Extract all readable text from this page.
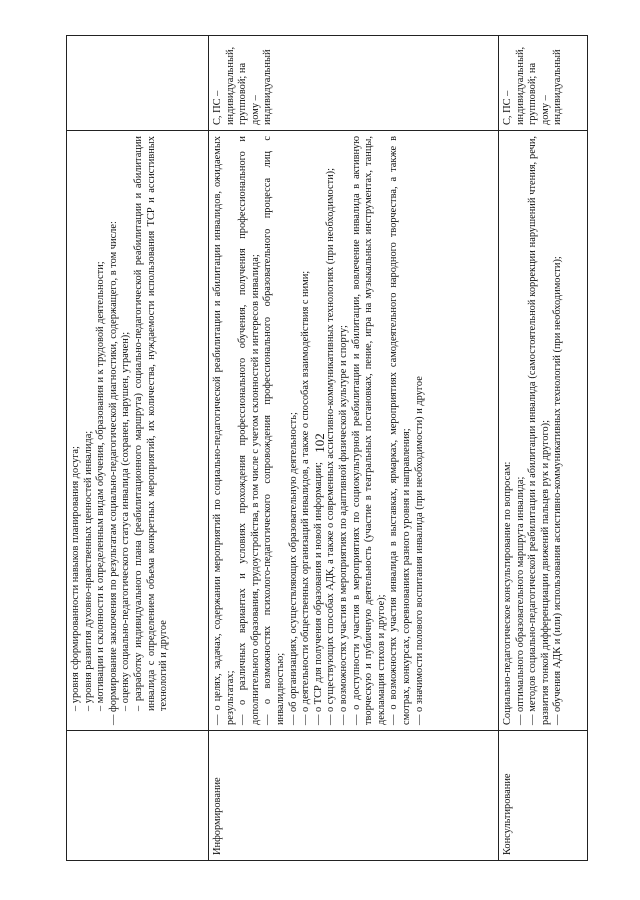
102
– уровня сформированности навыков планирования досуга; – уровня развития духовно-нравственных ценностей инвалида; – мотивации и склонности к определенным видам обучения, образования и к трудовой деятельности; — формирование заключения по результатам социально-педагогической диагностики, содержащего, в том числе: – оценку социально-педагогического статуса инвалида (сохранен, нарушен, утрачен); – разработку индивидуального плана (реабилитационного маршрута) социально-педагогической реабилитации и абилитации инвалида с определением объема конкретных мероприятий, их количества, нуждаемости использования ТСР и ассистивных технологий и другое
Информирование
— о целях, задачах, содержании мероприятий по социально-педагогической реабилитации и абилитации инвалидов, ожидаемых результатах; — о различных вариантах и условиях прохождения профессионального обучения, получения профессионального и дополнительного образования, трудоустройства, в том числе с учетом склонностей и интересов инвалида; — о возможностях психолого-педагогического сопровождения профессионального образовательного процесса лиц с инвалидностью; — об организациях, осуществляющих образовательную деятельность; — о деятельности общественных организаций инвалидов, а также о способах взаимодействия с ними; — о ТСР для получения образования и новой информации; — о существующих способах АДК, а также о современных ассистивно-коммуникативных технологиях (при необходимости); — о возможностях участия в мероприятиях по адаптивной физической культуре и спорту; — о доступности участия в мероприятиях по социокультурной реабилитации и абилитации, вовлечение инвалида в активную творческую и публичную деятельность (участие в театральных постановках, пение, игра на музыкальных инструментах, танцы, декламация стихов и другое); — о возможностях участия инвалида в выставках, ярмарках, мероприятиях самодеятельного народного творчества, а также в смотрах, конкурсах, соревнованиях разного уровня и направления; — о значимости полового воспитания инвалида (при необходимости) и другое
С, ПС – индивидуальный, групповой; на дому – индивидуальный
Консультирование
Социально-педагогическое консультирование по вопросам: — оптимального образовательного маршрута инвалида; — методов социально-педагогической реабилитации и абилитации инвалида (самостоятельной коррекции нарушений чтения, речи, развития тонкой дифференциации движений пальцев рук и другого); — обучения АДК и (или) использования ассистивно-коммуникативных технологий (при необходимости);
С, ПС – индивидуальный, групповой; на дому – индивидуальный
